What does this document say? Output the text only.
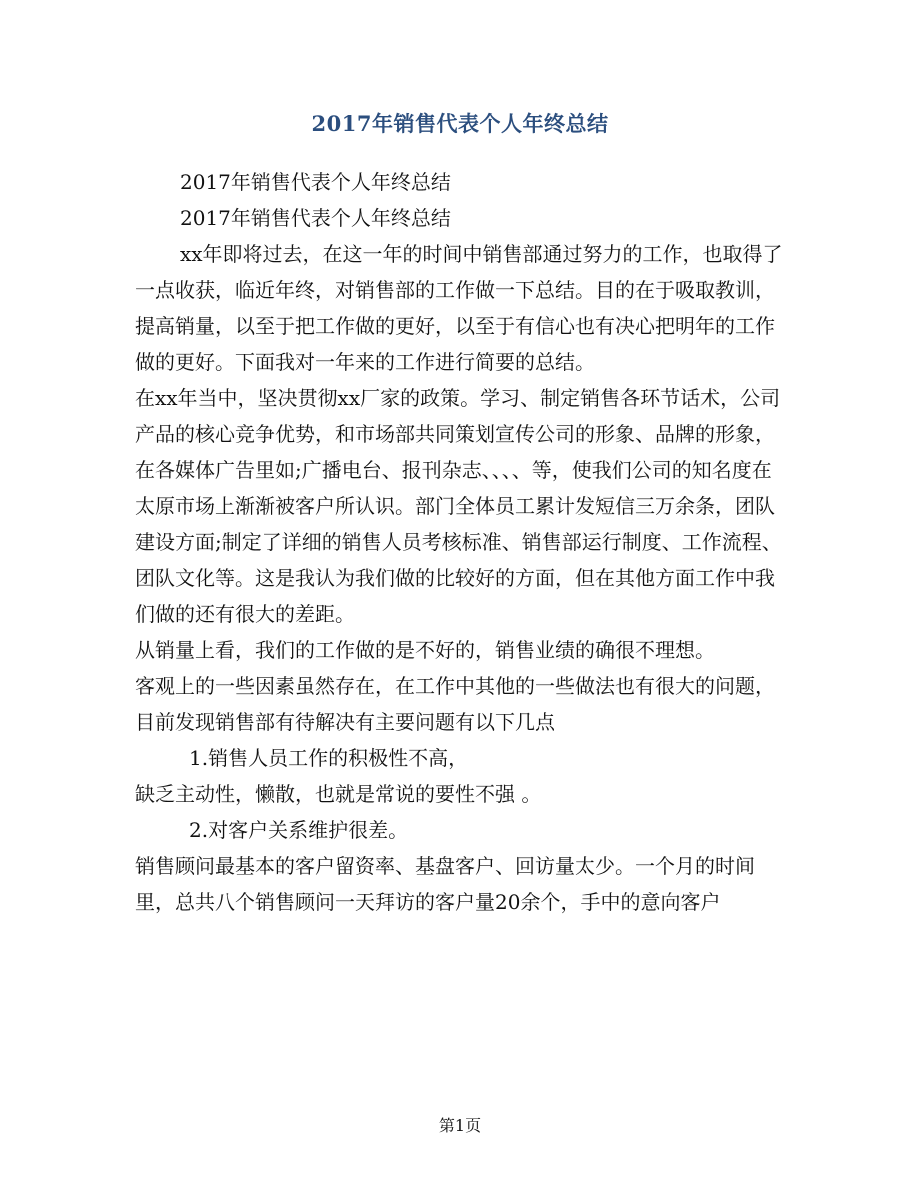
2017年销售代表个人年终总结

2017年销售代表个人年终总结

2017年销售代表个人年终总结

xx年即将过去，在这一年的时间中销售部通过努力的工作，也取得了一点收获，临近年终，对销售部的工作做一下总结。目的在于吸取教训，提高销量，以至于把工作做的更好，以至于有信心也有决心把明年的工作做的更好。下面我对一年来的工作进行简要的总结。

在xx年当中，坚决贯彻xx厂家的政策。学习、制定销售各环节话术，公司产品的核心竞争优势，和市场部共同策划宣传公司的形象、品牌的形象，在各媒体广告里如;广播电台、报刊杂志、、、、等，使我们公司的知名度在太原市场上渐渐被客户所认识。部门全体员工累计发短信三万余条，团队建设方面;制定了详细的销售人员考核标准、销售部运行制度、工作流程、团队文化等。这是我认为我们做的比较好的方面，但在其他方面工作中我们做的还有很大的差距。

从销量上看，我们的工作做的是不好的，销售业绩的确很不理想。

客观上的一些因素虽然存在，在工作中其他的一些做法也有很大的问题，目前发现销售部有待解决有主要问题有以下几点

1.销售人员工作的积极性不高，

缺乏主动性，懒散，也就是常说的要性不强 。

2.对客户关系维护很差。

销售顾问最基本的客户留资率、基盘客户、回访量太少。一个月的时间里，总共八个销售顾问一天拜访的客户量20余个，手中的意向客户

第1页
